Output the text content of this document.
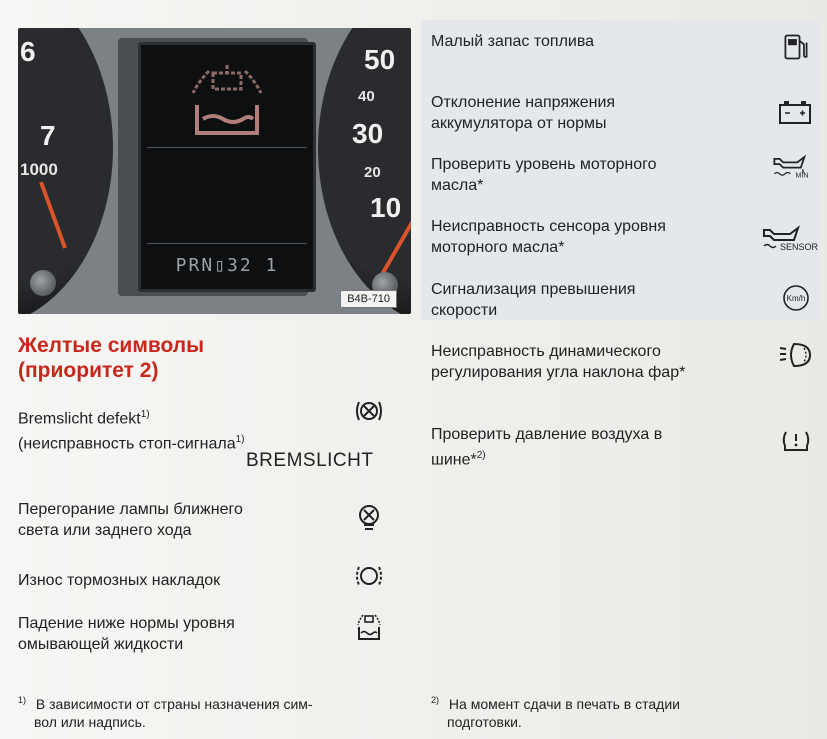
6
7
1000
50
40
30
20
10
PRN▯32 1
B4B-710
Желтые символы
(приоритет 2)
Bremslicht defekt$^{1)}$
(неисправность стоп-сигнала$^{1)}$
BREMSLICHT
Перегорание лампы ближнего
света или заднего хода
Износ тормозных накладок
Падение ниже нормы уровня
омывающей жидкости
Малый запас топлива
Отклонение напряжения
аккумулятора от нормы
Проверить уровень моторного
масла*
MIN
Неисправность сенсора уровня
моторного масла*	SENSOR
Сигнализация превышения
скорости
Km/h
Неисправность динамического
регулирования угла наклона фар*
Проверить давление воздуха в
шине*$^{2)}$
$^{1)}$ В зависимости от страны назначения сим-
вол или надпись.
$^{2)}$ На момент сдачи в печать в стадии
подготовки.
